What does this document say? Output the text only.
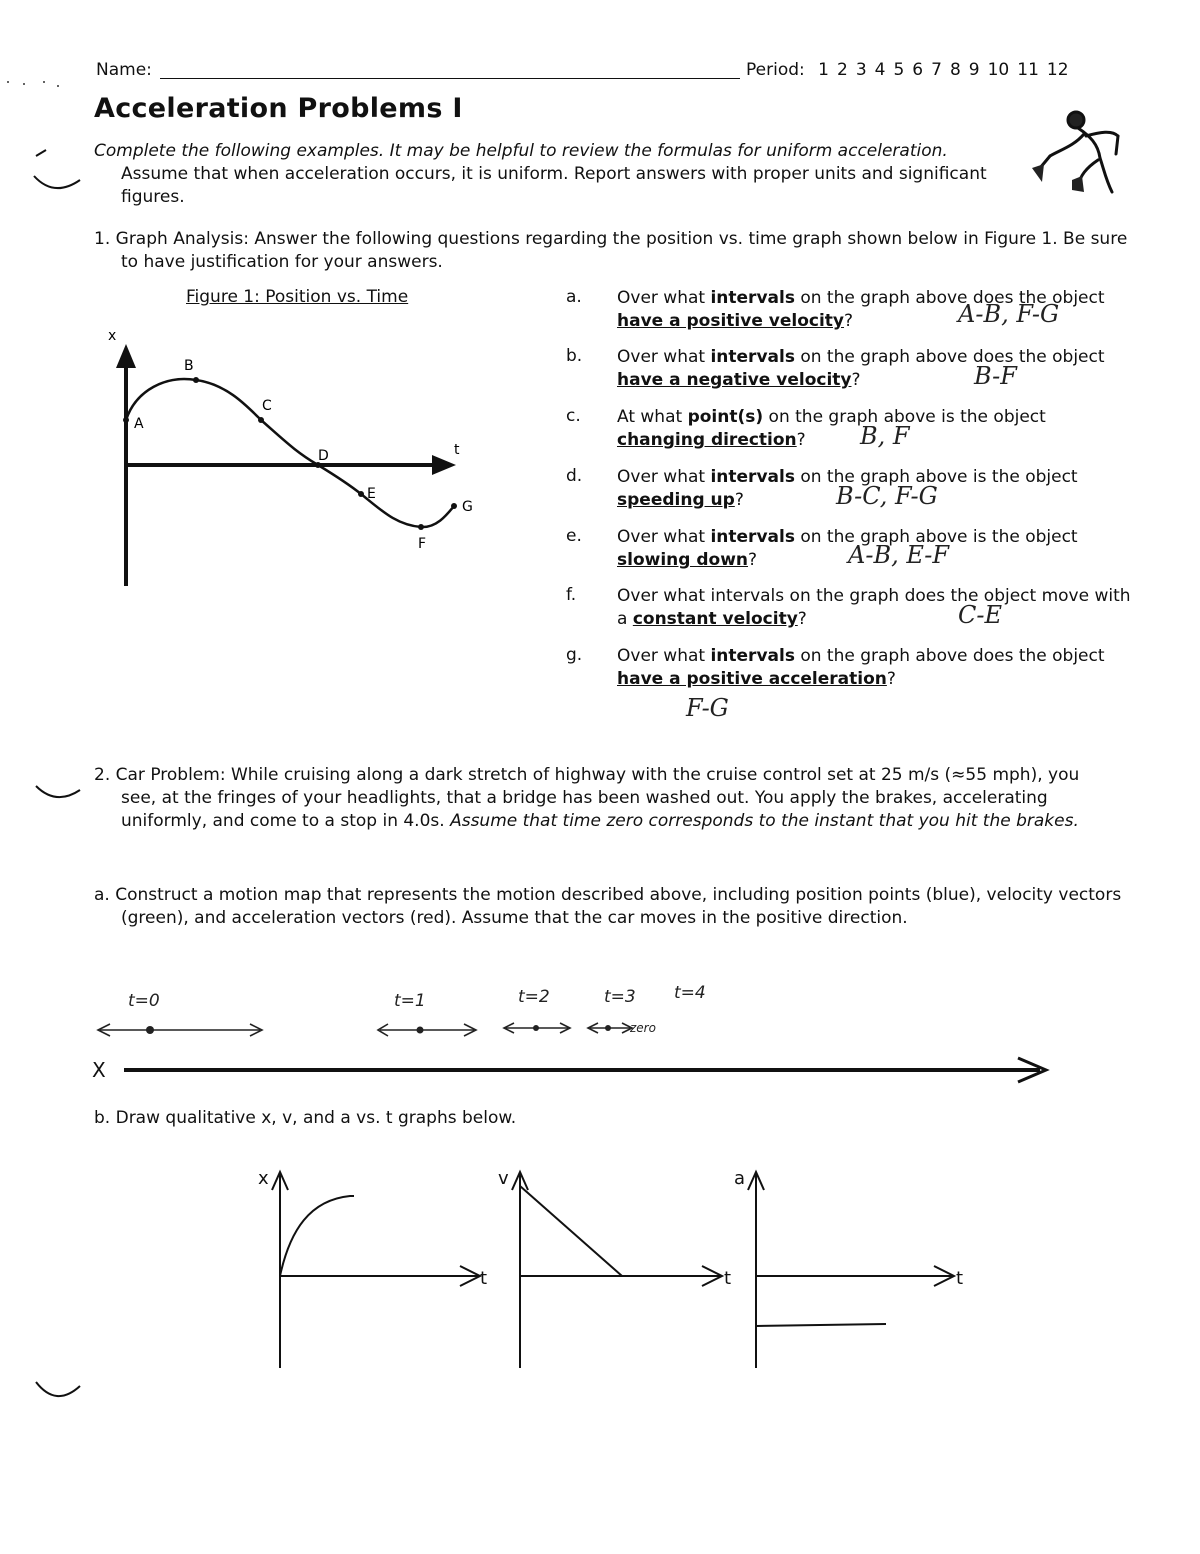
Name:	Period: 1 2 3 4 5 6 7 8 9 10 11 12
Acceleration Problems I
Complete the following examples. It may be helpful to review the formulas for uniform acceleration. Assume that when acceleration occurs, it is uniform. Report answers with proper units and significant figures.
1. Graph Analysis: Answer the following questions regarding the position vs. time graph shown below in Figure 1. Be sure to have justification for your answers.
Figure 1: Position vs. Time
x
t
A
B
C
D
E
F
G
a. Over what intervals on the graph above does the object have a positive velocity?	A-B, F-G
b. Over what intervals on the graph above does the object have a negative velocity?	B-F
c. At what point(s) on the graph above is the object changing direction?	B, F
d. Over what intervals on the graph above is the object speeding up?	B-C, F-G
e. Over what intervals on the graph above is the object slowing down?	A-B, E-F
f. Over what intervals on the graph does the object move with a constant velocity?	C-E
g. Over what intervals on the graph above does the object have a positive acceleration?
F-G
2. Car Problem: While cruising along a dark stretch of highway with the cruise control set at 25 m/s (≈55 mph), you see, at the fringes of your headlights, that a bridge has been washed out. You apply the brakes, accelerating uniformly, and come to a stop in 4.0s. Assume that time zero corresponds to the instant that you hit the brakes.
a. Construct a motion map that represents the motion described above, including position points (blue), velocity vectors (green), and acceleration vectors (red). Assume that the car moves in the positive direction.
t=0	t=1	t=2	t=3 t=4
zero
X
b. Draw qualitative x, v, and a vs. t graphs below.
x
t
v
t
a
t
